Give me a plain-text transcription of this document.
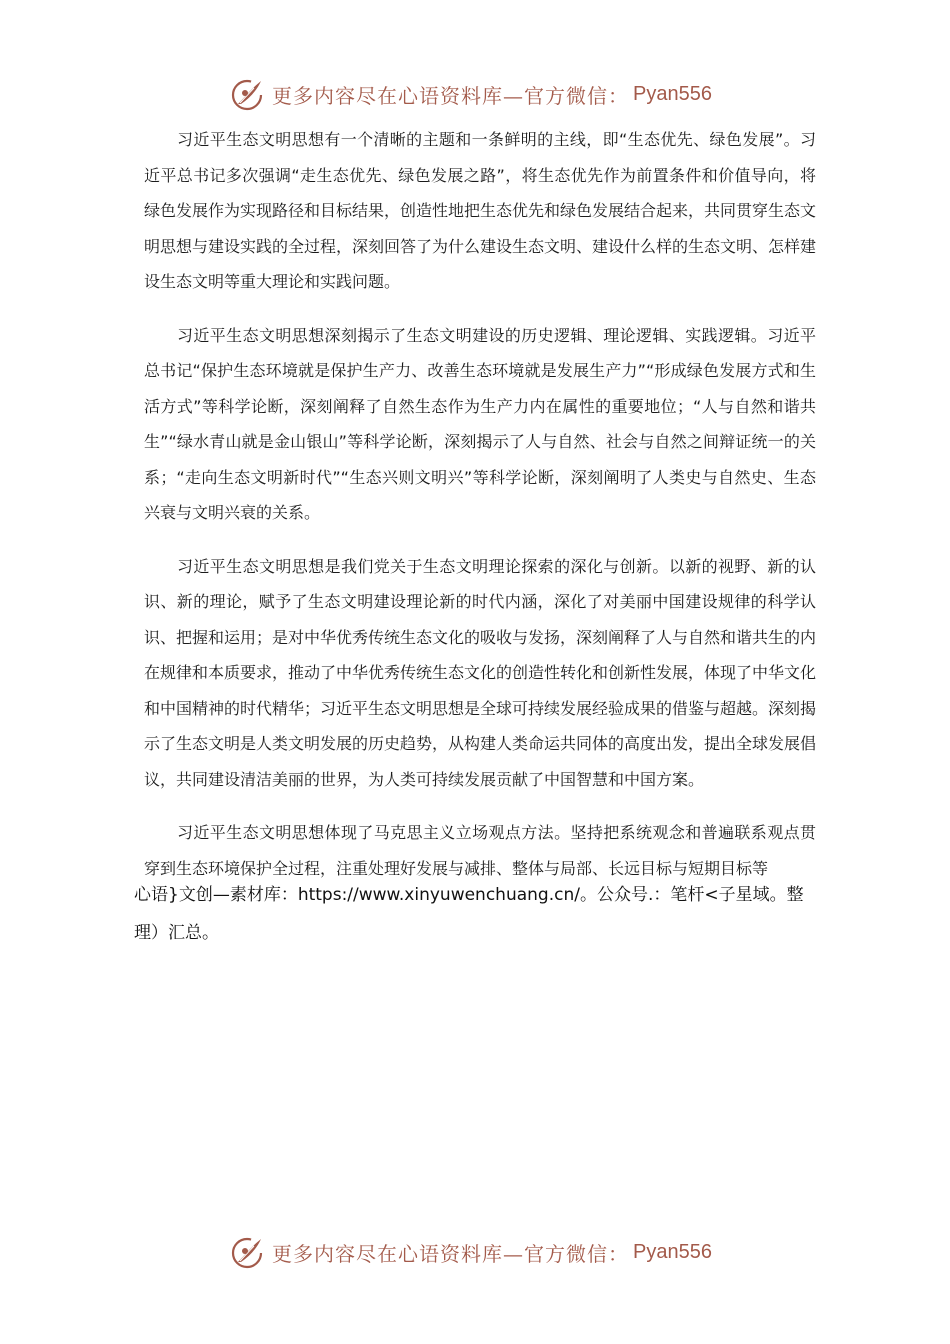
更多内容尽在心语资料库—官方微信： Pyan556

习近平生态文明思想有一个清晰的主题和一条鲜明的主线，即“生态优先、绿色发展”。习近平总书记多次强调“走生态优先、绿色发展之路”，将生态优先作为前置条件和价值导向，将绿色发展作为实现路径和目标结果，创造性地把生态优先和绿色发展结合起来，共同贯穿生态文明思想与建设实践的全过程，深刻回答了为什么建设生态文明、建设什么样的生态文明、怎样建设生态文明等重大理论和实践问题。

习近平生态文明思想深刻揭示了生态文明建设的历史逻辑、理论逻辑、实践逻辑。习近平总书记“保护生态环境就是保护生产力、改善生态环境就是发展生产力”“形成绿色发展方式和生活方式”等科学论断，深刻阐释了自然生态作为生产力内在属性的重要地位；“人与自然和谐共生”“绿水青山就是金山银山”等科学论断，深刻揭示了人与自然、社会与自然之间辩证统一的关系；“走向生态文明新时代”“生态兴则文明兴”等科学论断，深刻阐明了人类史与自然史、生态兴衰与文明兴衰的关系。

习近平生态文明思想是我们党关于生态文明理论探索的深化与创新。以新的视野、新的认识、新的理论，赋予了生态文明建设理论新的时代内涵，深化了对美丽中国建设规律的科学认识、把握和运用；是对中华优秀传统生态文化的吸收与发扬，深刻阐释了人与自然和谐共生的内在规律和本质要求，推动了中华优秀传统生态文化的创造性转化和创新性发展，体现了中华文化和中国精神的时代精华；习近平生态文明思想是全球可持续发展经验成果的借鉴与超越。深刻揭示了生态文明是人类文明发展的历史趋势，从构建人类命运共同体的高度出发，提出全球发展倡议，共同建设清洁美丽的世界，为人类可持续发展贡献了中国智慧和中国方案。

习近平生态文明思想体现了马克思主义立场观点方法。坚持把系统观念和普遍联系观点贯穿到生态环境保护全过程，注重处理好发展与减排、整体与局部、长远目标与短期目标等

心语}文创—素材库：https://www.xinyuwenchuang.cn/。公众号.：笔杆<子星域。整理）汇总。

更多内容尽在心语资料库—官方微信： Pyan556
